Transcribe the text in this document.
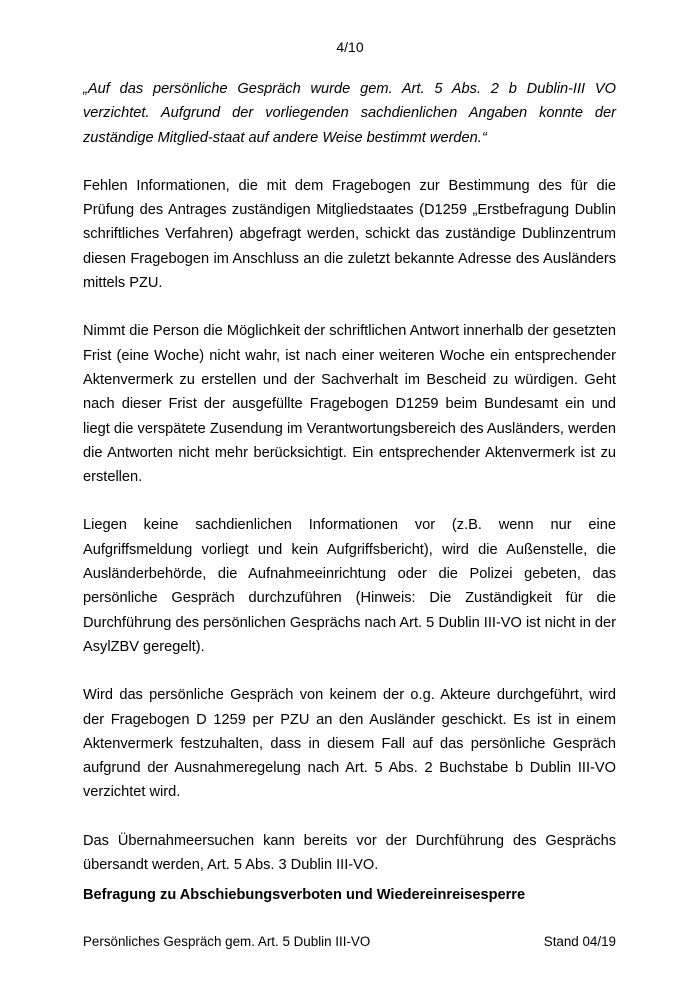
4/10

„Auf das persönliche Gespräch wurde gem. Art. 5 Abs. 2 b Dublin-III VO verzichtet. Aufgrund der vorliegenden sachdienlichen Angaben konnte der zuständige Mitglied-staat auf andere Weise bestimmt werden.“

Fehlen Informationen, die mit dem Fragebogen zur Bestimmung des für die Prüfung des Antrages zuständigen Mitgliedstaates (D1259 „Erstbefragung Dublin schriftliches Verfahren) abgefragt werden, schickt das zuständige Dublinzentrum diesen Fragebogen im Anschluss an die zuletzt bekannte Adresse des Ausländers mittels PZU.

Nimmt die Person die Möglichkeit der schriftlichen Antwort innerhalb der gesetzten Frist (eine Woche) nicht wahr, ist nach einer weiteren Woche ein entsprechender Aktenvermerk zu erstellen und der Sachverhalt im Bescheid zu würdigen. Geht nach dieser Frist der ausgefüllte Fragebogen D1259 beim Bundesamt ein und liegt die verspätete Zusendung im Verantwortungsbereich des Ausländers, werden die Antworten nicht mehr berücksichtigt. Ein entsprechender Aktenvermerk ist zu erstellen.

Liegen keine sachdienlichen Informationen vor (z.B. wenn nur eine Aufgriffsmeldung vorliegt und kein Aufgriffsbericht), wird die Außenstelle, die Ausländerbehörde, die Aufnahmeeinrichtung oder die Polizei gebeten, das persönliche Gespräch durchzuführen (Hinweis: Die Zuständigkeit für die Durchführung des persönlichen Gesprächs nach Art. 5 Dublin III-VO ist nicht in der AsylZBV geregelt).

Wird das persönliche Gespräch von keinem der o.g. Akteure durchgeführt, wird der Fragebogen D 1259 per PZU an den Ausländer geschickt. Es ist in einem Aktenvermerk festzuhalten, dass in diesem Fall auf das persönliche Gespräch aufgrund der Ausnahmeregelung nach Art. 5 Abs. 2 Buchstabe b Dublin III-VO verzichtet wird.

Das Übernahmeersuchen kann bereits vor der Durchführung des Gesprächs übersandt werden, Art. 5 Abs. 3 Dublin III-VO.

Befragung zu Abschiebungsverboten und Wiedereinreisesperre
Persönliches Gespräch gem. Art. 5 Dublin III-VO	Stand 04/19
